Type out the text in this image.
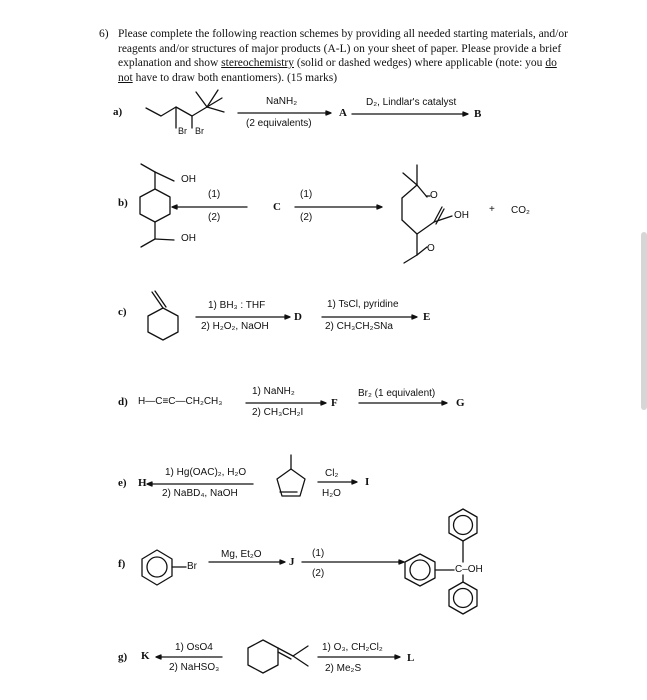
6) Please complete the following reaction schemes by providing all needed starting materials, and/or
reagents and/or structures of major products (A-L) on your sheet of paper. Please provide a brief
explanation and show stereochemistry (solid or dashed wedges) where applicable (note: you do
not have to draw both enantiomers). (15 marks)
a)
Br Br
NaNH₂
(2 equivalents)
A
D₂, Lindlar's catalyst
B
b)
OH
OH
(1)
(2)
C
(1)
(2)
O
O
OH
+ CO₂
c)
1) BH₃ : THF
2) H₂O₂, NaOH
D
1) TsCl, pyridine
2) CH₃CH₂SNa
E
d) H—C≡C—CH₂CH₃
1) NaNH₂
2) CH₃CH₂I
F
Br₂ (1 equivalent)
G
e) H
1) Hg(OAC)₂, H₂O
2) NaBD₄, NaOH
Cl₂
H₂O
I
f)	Br
Mg, Et₂O
J
(1)
(2)	C–OH
g) K
1) OsO4
2) NaHSO₃
1) O₃, CH₂Cl₂
2) Me₂S
L
